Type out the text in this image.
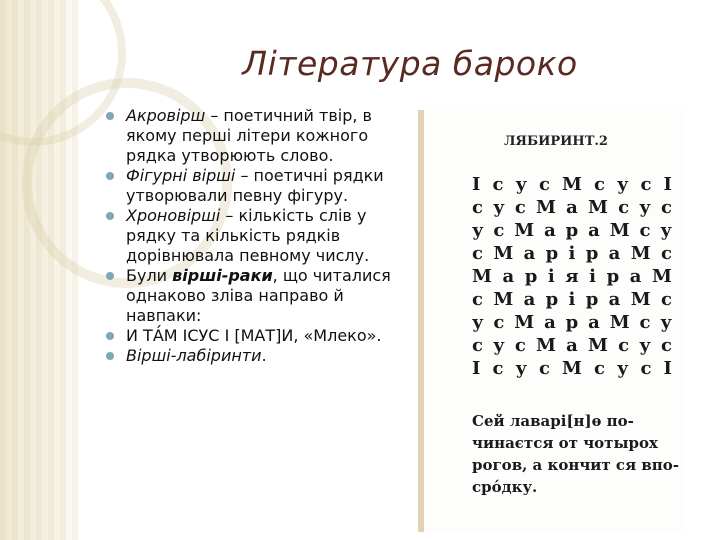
Література бароко
Акровірш – поетичний твір, в якому перші літери кожного рядка утворюють слово.
Фігурні вірші – поетичні рядки утворювали певну фігуру.
Хроновірші – кількість слів у рядку та кількість рядків дорівнювала певному числу.
Були вірші-раки, що читалися однаково зліва направо й навпаки:
И ТА́М ІСУС І [МАТ]И, «Млеко».
Вірші-лабіринти.
ЛЯБИРИНТ.2
І с у с М с у с І
с у с М а М с у с
у с М а р а М с у
с М а р і р а М с
М а р і я і р а М
с М а р і р а М с
у с М а р а М с у
с у с М а М с у с
І с у с М с у с І
Сей лаварі[н]ѳ по-чинаєтся от чотырох рогов, а кончит ся впо-срόдку.
